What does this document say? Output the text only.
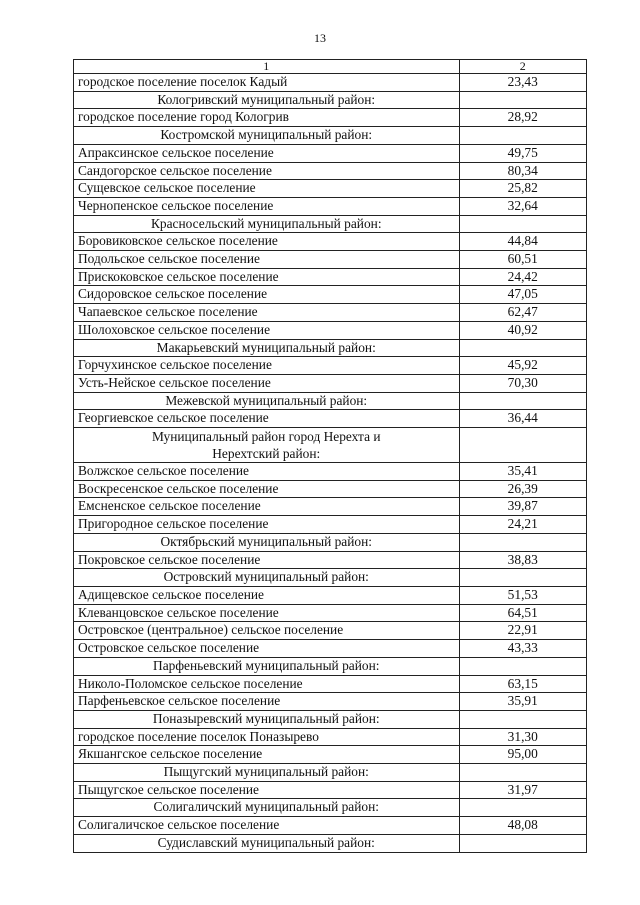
13
1	2
городское поселение поселок Кадый	23,43
Кологривский муниципальный район:	
городское поселение город Кологрив	28,92
Костромской муниципальный район:	
Апраксинское сельское поселение	49,75
Сандогорское сельское поселение	80,34
Сущевское сельское поселение	25,82
Чернопенское сельское поселение	32,64
Красносельский муниципальный район:	
Боровиковское сельское поселение	44,84
Подольское сельское поселение	60,51
Прискоковское сельское поселение	24,42
Сидоровское сельское поселение	47,05
Чапаевское сельское поселение	62,47
Шолоховское сельское поселение	40,92
Макарьевский муниципальный район:	
Горчухинское сельское поселение	45,92
Усть-Нейское сельское поселение	70,30
Межевской муниципальный район:	
Георгиевское сельское поселение	36,44

Муниципальный район город Нерехта и
Нерехтский район:	

Волжское сельское поселение	35,41
Воскресенское сельское поселение	26,39
Емсненское сельское поселение	39,87
Пригородное сельское поселение	24,21
Октябрьский муниципальный район:	
Покровское сельское поселение	38,83
Островский муниципальный район:	
Адищевское сельское поселение	51,53
Клеванцовское сельское поселение	64,51
Островское (центральное) сельское поселение	22,91
Островское сельское поселение	43,33
Парфеньевский муниципальный район:	
Николо-Поломское сельское поселение	63,15
Парфеньевское сельское поселение	35,91
Поназыревский муниципальный район:	
городское поселение поселок Поназырево	31,30
Якшангское сельское поселение	95,00
Пыщугский муниципальный район:	
Пыщугское сельское поселение	31,97
Солигаличский муниципальный район:	
Солигаличское сельское поселение	48,08
Судиславский муниципальный район:	
